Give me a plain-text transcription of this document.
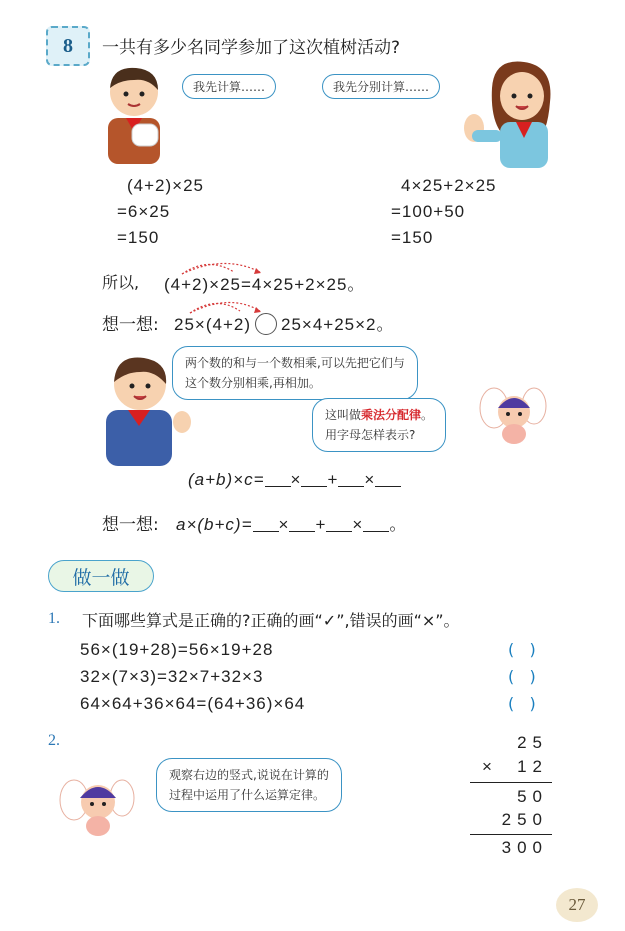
8 一共有多少名同学参加了这次植树活动?
我先计算……	我先分别计算……
(4+2)×25
=6×25
=150
4×25+2×25
=100+50
=150
所以, (4+2)×25=4×25+2×25。
想一想: 25×(4+2) 25×4+25×2。
两个数的和与一个数相乘,可以先把它们与
这个数分别相乘,再相加。
这叫做乘法分配律。
用字母怎样表示?
(a+b)×c= × + ×
想一想: a×(b+c)= × + × 。
做一做
1. 下面哪些算式是正确的?正确的画“✓”,错误的画“×”。
56×(19+28)=56×19+28	(   )
32×(7×3)=32×7+32×3	(   )
64×64+36×64=(64+36)×64	(   )
2.
观察右边的竖式,说说在计算的
过程中运用了什么运算定律。
25
×	12
50
250
300
27
